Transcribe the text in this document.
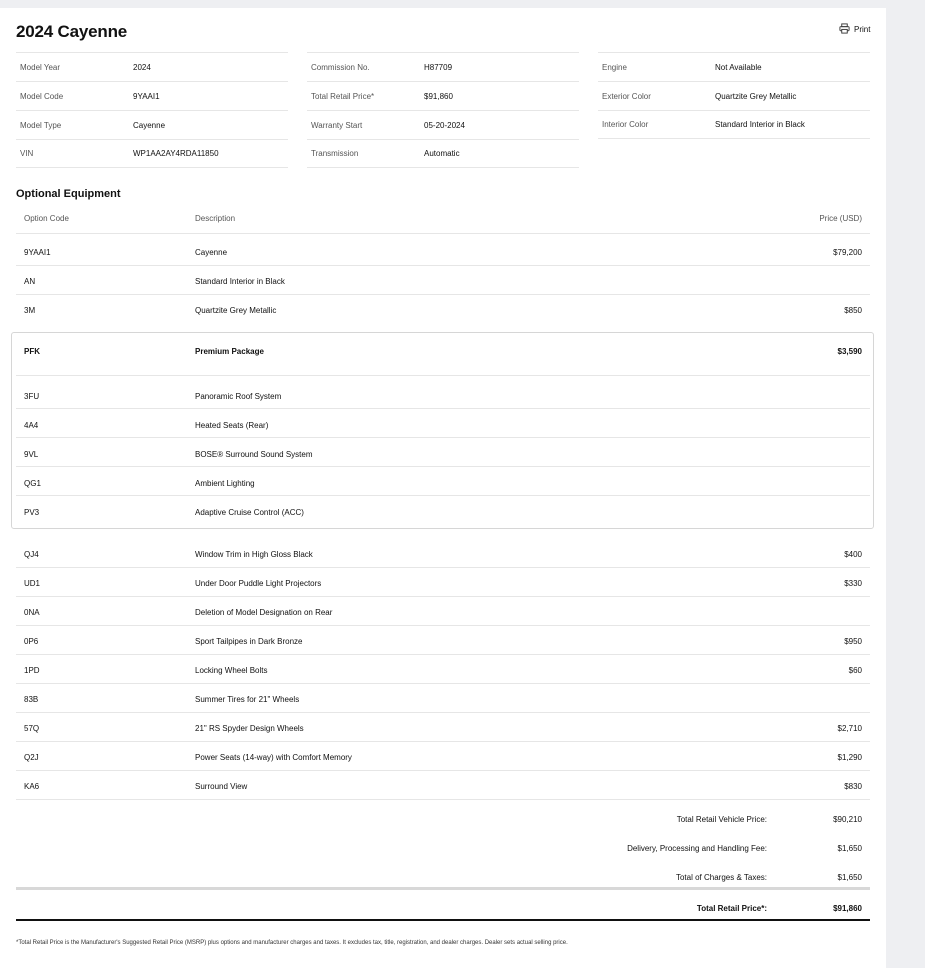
2024 Cayenne	Print
Model Year	2024
Model Code	9YAAI1
Model Type	Cayenne
VIN	WP1AA2AY4RDA11850
Commission No.	H87709
Total Retail Price*	$91,860
Warranty Start	05-20-2024
Transmission	Automatic
Engine	Not Available
Exterior Color	Quartzite Grey Metallic
Interior Color	Standard Interior in Black
Optional Equipment
Option Code	Description	Price (USD)
9YAAI1	Cayenne	$79,200
AN	Standard Interior in Black
3M	Quartzite Grey Metallic	$850
PFK	Premium Package	$3,590
3FU	Panoramic Roof System
4A4	Heated Seats (Rear)
9VL	BOSE® Surround Sound System
QG1	Ambient Lighting
PV3	Adaptive Cruise Control (ACC)
QJ4	Window Trim in High Gloss Black	$400
UD1	Under Door Puddle Light Projectors	$330
0NA	Deletion of Model Designation on Rear
0P6	Sport Tailpipes in Dark Bronze	$950
1PD	Locking Wheel Bolts	$60
83B	Summer Tires for 21" Wheels
57Q	21" RS Spyder Design Wheels	$2,710
Q2J	Power Seats (14-way) with Comfort Memory	$1,290
KA6	Surround View	$830
Total Retail Vehicle Price:	$90,210
Delivery, Processing and Handling Fee:	$1,650
Total of Charges & Taxes:	$1,650
Total Retail Price*:	$91,860
*Total Retail Price is the Manufacturer's Suggested Retail Price (MSRP) plus options and manufacturer charges and taxes. It excludes tax, title, registration, and dealer charges. Dealer sets actual selling price.
